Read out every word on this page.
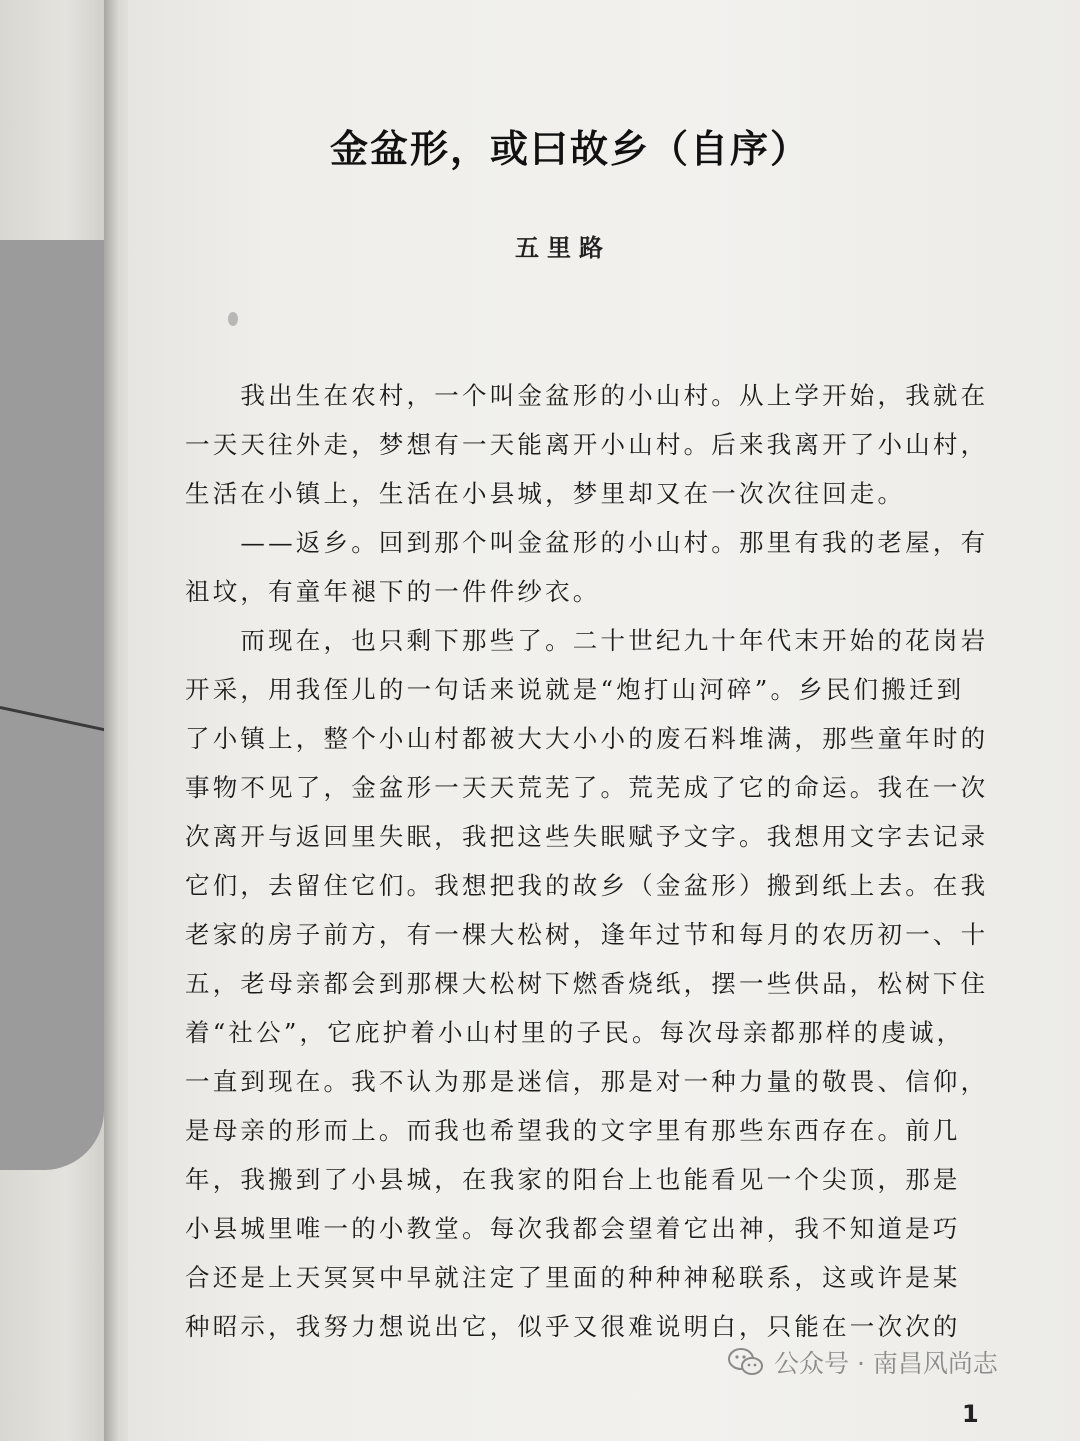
金盆形，或曰故乡（自序）
五里路
　　我出生在农村，一个叫金盆形的小山村。从上学开始，我就在
一天天往外走，梦想有一天能离开小山村。后来我离开了小山村，
生活在小镇上，生活在小县城，梦里却又在一次次往回走。
　　——返乡。回到那个叫金盆形的小山村。那里有我的老屋，有
祖坟，有童年褪下的一件件纱衣。
　　而现在，也只剩下那些了。二十世纪九十年代末开始的花岗岩
开采，用我侄儿的一句话来说就是“炮打山河碎”。乡民们搬迁到
了小镇上，整个小山村都被大大小小的废石料堆满，那些童年时的
事物不见了，金盆形一天天荒芜了。荒芜成了它的命运。我在一次
次离开与返回里失眠，我把这些失眠赋予文字。我想用文字去记录
它们，去留住它们。我想把我的故乡（金盆形）搬到纸上去。在我
老家的房子前方，有一棵大松树，逢年过节和每月的农历初一、十
五，老母亲都会到那棵大松树下燃香烧纸，摆一些供品，松树下住
着“社公”，它庇护着小山村里的子民。每次母亲都那样的虔诚，
一直到现在。我不认为那是迷信，那是对一种力量的敬畏、信仰，
是母亲的形而上。而我也希望我的文字里有那些东西存在。前几
年，我搬到了小县城，在我家的阳台上也能看见一个尖顶，那是
小县城里唯一的小教堂。每次我都会望着它出神，我不知道是巧
合还是上天冥冥中早就注定了里面的种种神秘联系，这或许是某
种昭示，我努力想说出它，似乎又很难说明白，只能在一次次的
公众号 · 南昌风尚志
1
